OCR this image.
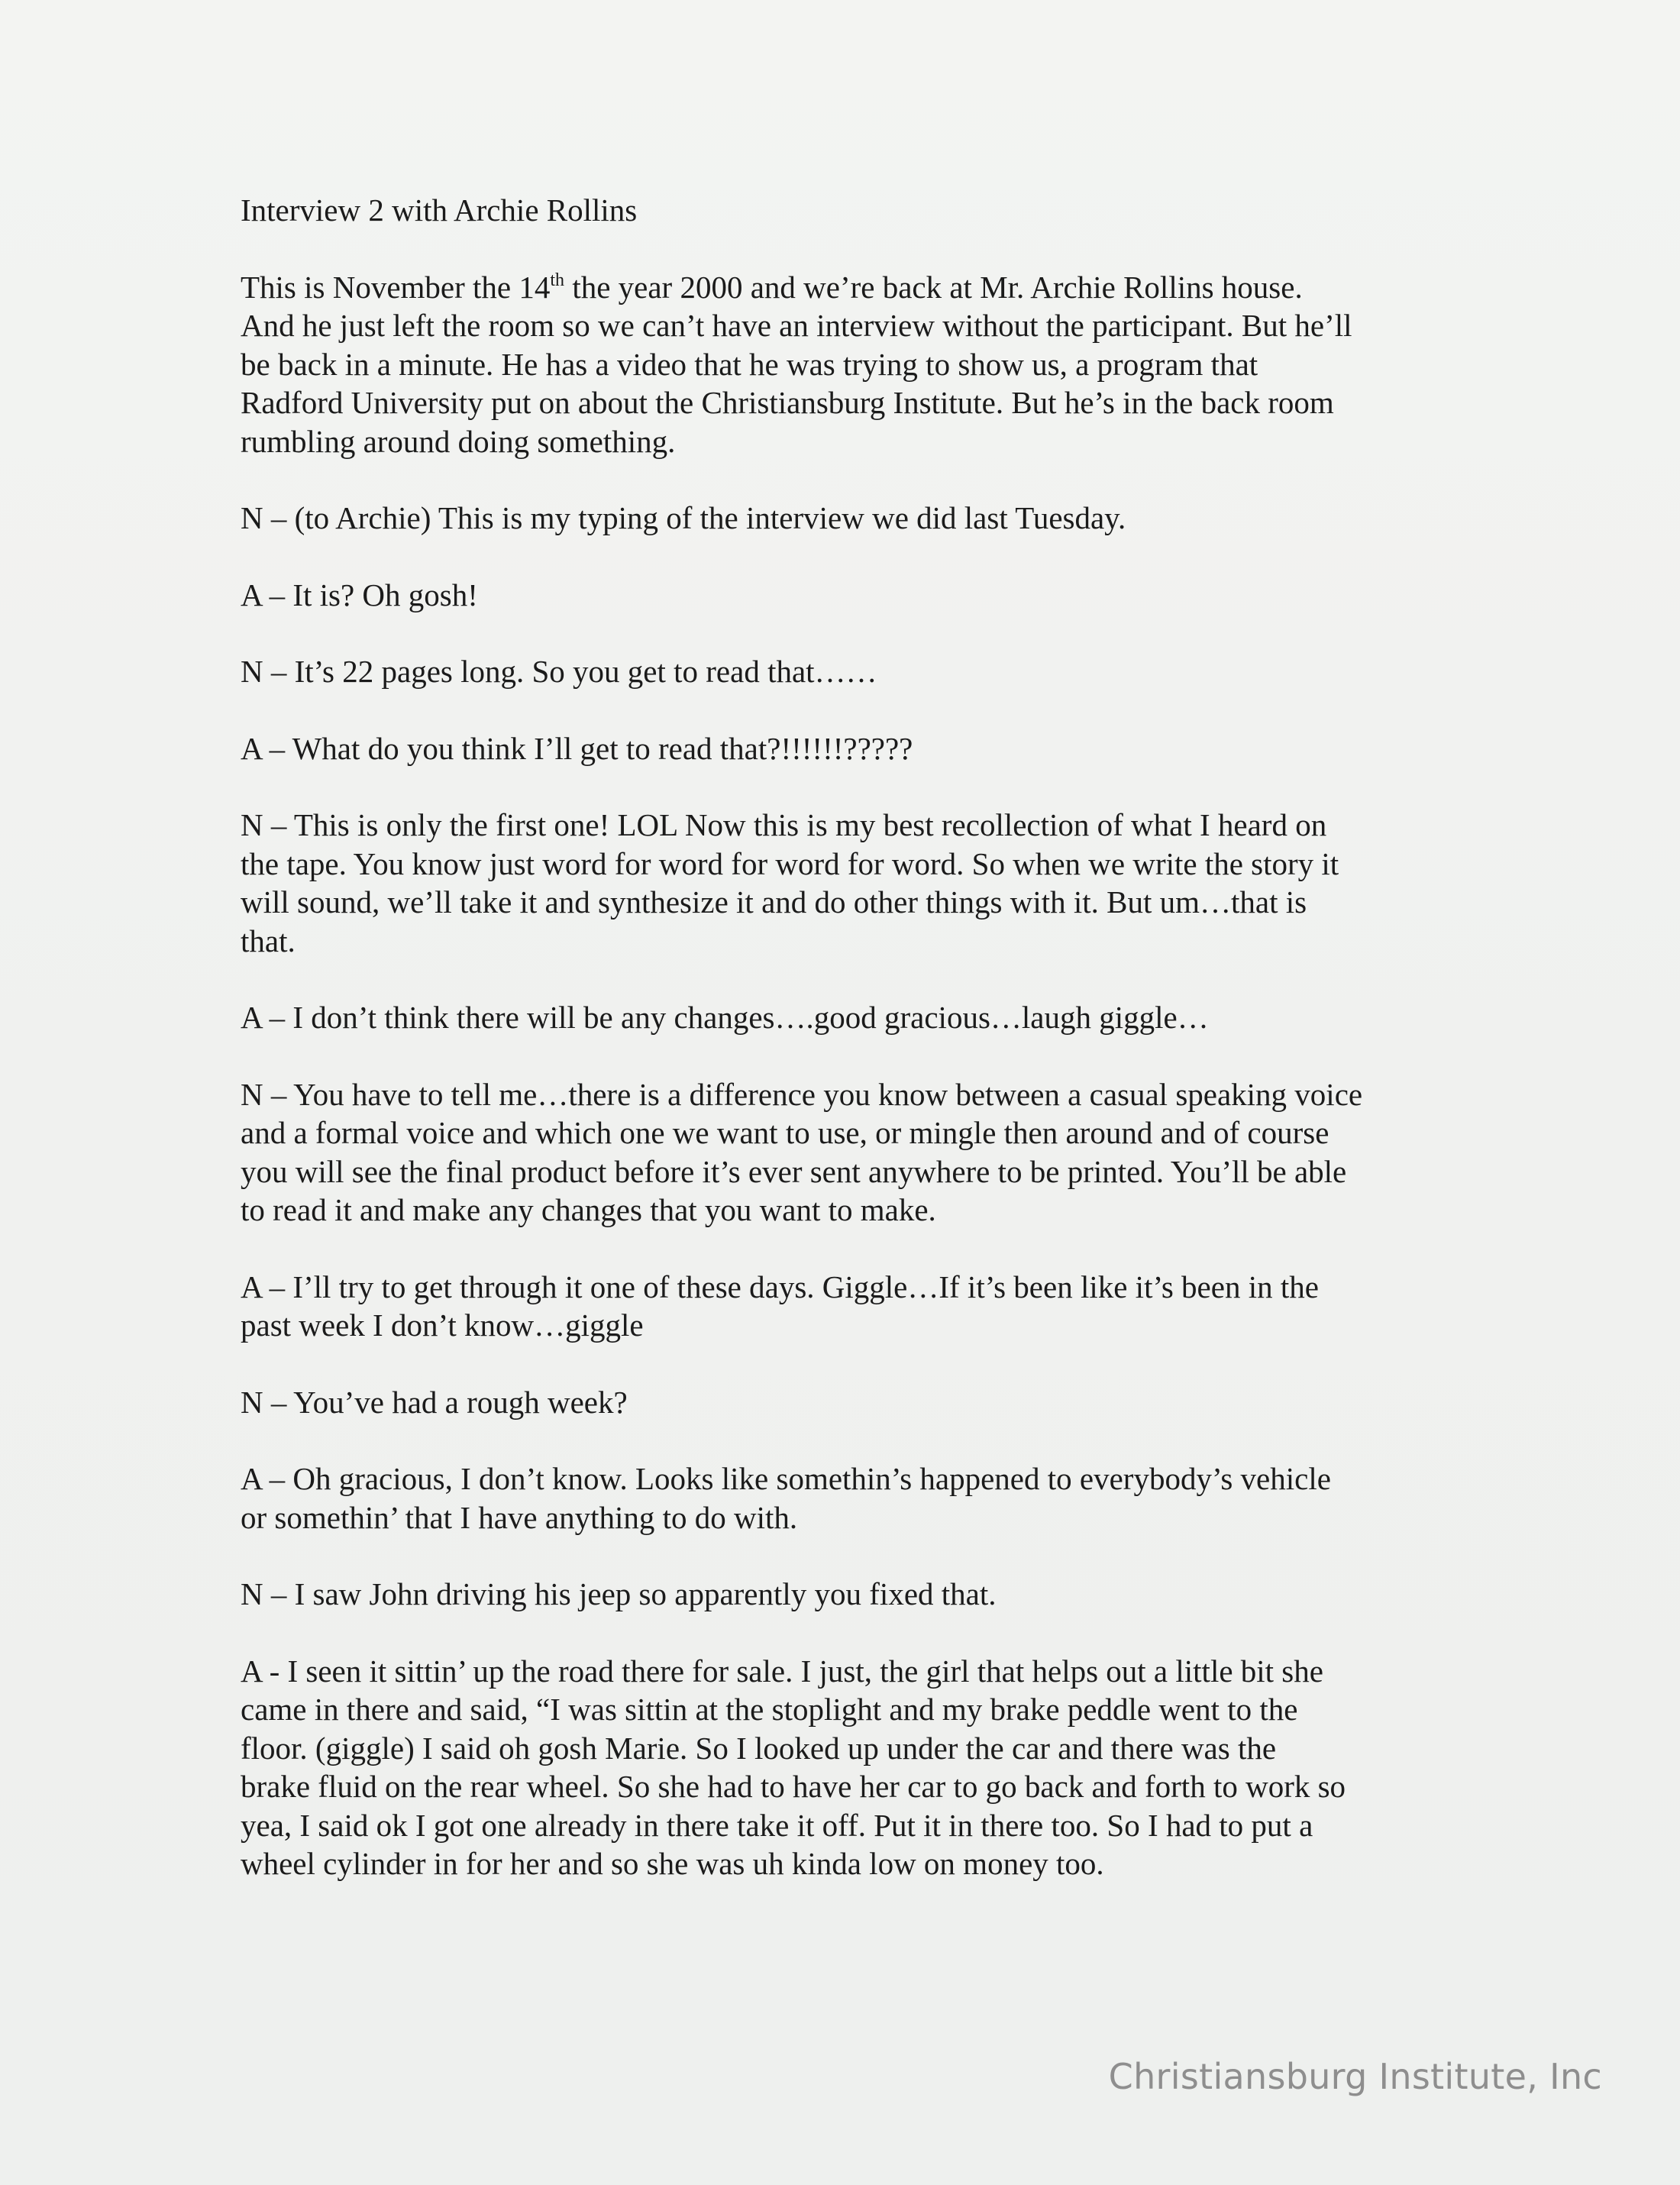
Interview 2 with Archie Rollins
This is November the 14th the year 2000 and we’re back at Mr. Archie Rollins house.
And he just left the room so we can’t have an interview without the participant. But he’ll
be back in a minute. He has a video that he was trying to show us, a program that
Radford University put on about the Christiansburg Institute. But he’s in the back room
rumbling around doing something.
N – (to Archie) This is my typing of the interview we did last Tuesday.
A – It is? Oh gosh!
N – It’s 22 pages long. So you get to read that……
A – What do you think I’ll get to read that?!!!!!!?????
N – This is only the first one! LOL Now this is my best recollection of what I heard on
the tape. You know just word for word for word for word. So when we write the story it
will sound, we’ll take it and synthesize it and do other things with it. But um…that is
that.
A – I don’t think there will be any changes….good gracious…laugh giggle…
N – You have to tell me…there is a difference you know between a casual speaking voice
and a formal voice and which one we want to use, or mingle then around and of course
you will see the final product before it’s ever sent anywhere to be printed. You’ll be able
to read it and make any changes that you want to make.
A – I’ll try to get through it one of these days. Giggle…If it’s been like it’s been in the
past week I don’t know…giggle
N – You’ve had a rough week?
A – Oh gracious, I don’t know. Looks like somethin’s happened to everybody’s vehicle
or somethin’ that I have anything to do with.
N – I saw John driving his jeep so apparently you fixed that.
A - I seen it sittin’ up the road there for sale. I just, the girl that helps out a little bit she
came in there and said, “I was sittin at the stoplight and my brake peddle went to the
floor. (giggle) I said oh gosh Marie. So I looked up under the car and there was the
brake fluid on the rear wheel. So she had to have her car to go back and forth to work so
yea, I said ok I got one already in there take it off. Put it in there too. So I had to put a
wheel cylinder in for her and so she was uh kinda low on money too.
Christiansburg Institute, Inc
